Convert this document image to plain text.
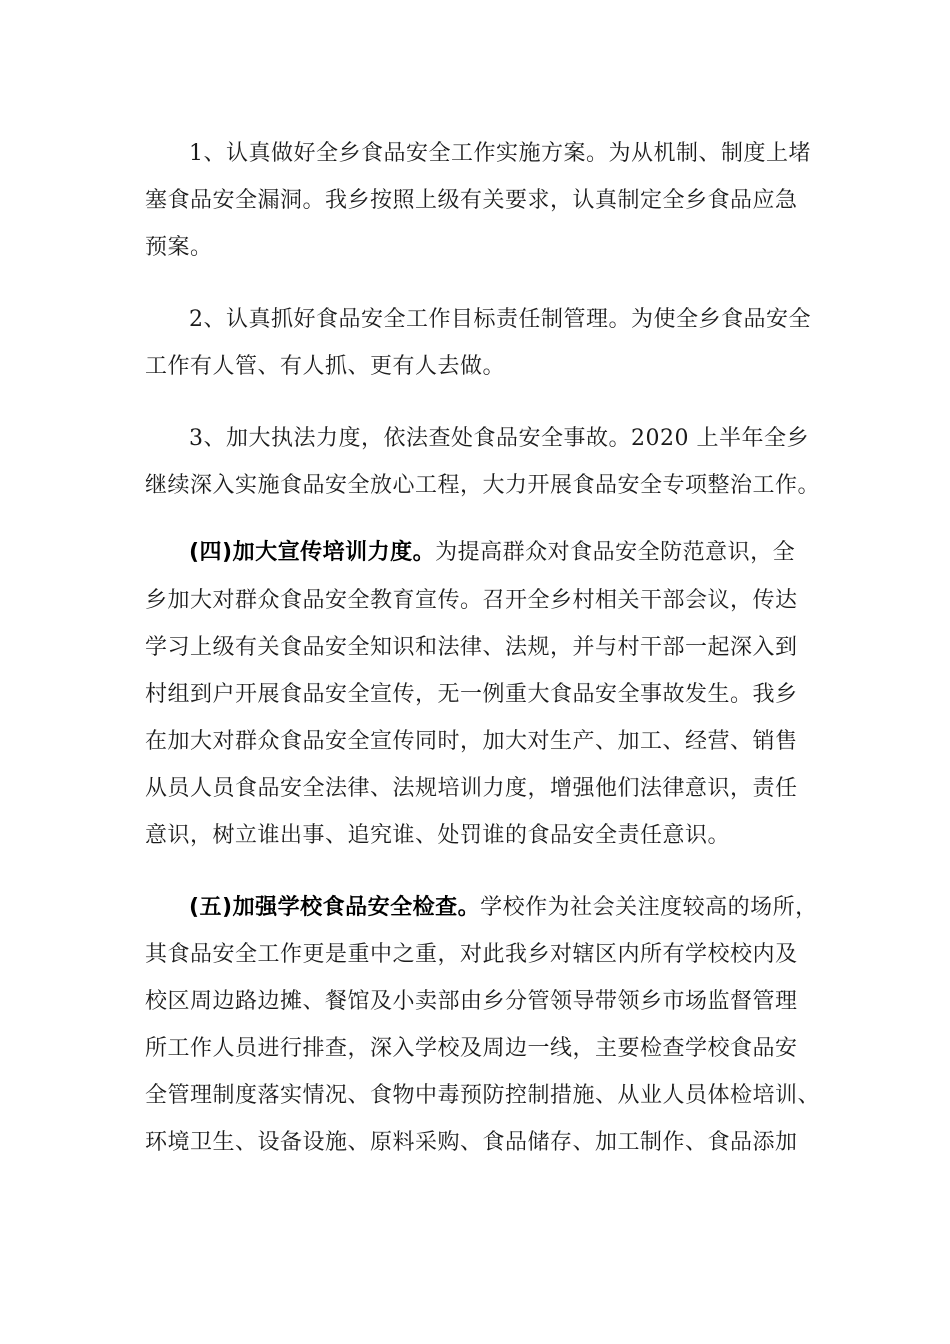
1、认真做好全乡食品安全工作实施方案。为从机制、制度上堵
塞食品安全漏洞。我乡按照上级有关要求，认真制定全乡食品应急
预案。
2、认真抓好食品安全工作目标责任制管理。为使全乡食品安全
工作有人管、有人抓、更有人去做。
3、加大执法力度，依法查处食品安全事故。2020 上半年全乡
继续深入实施食品安全放心工程，大力开展食品安全专项整治工作。
(四)加大宣传培训力度。为提高群众对食品安全防范意识，全
乡加大对群众食品安全教育宣传。召开全乡村相关干部会议，传达
学习上级有关食品安全知识和法律、法规，并与村干部一起深入到
村组到户开展食品安全宣传，无一例重大食品安全事故发生。我乡
在加大对群众食品安全宣传同时，加大对生产、加工、经营、销售
从员人员食品安全法律、法规培训力度，增强他们法律意识，责任
意识，树立谁出事、追究谁、处罚谁的食品安全责任意识。
(五)加强学校食品安全检查。学校作为社会关注度较高的场所，
其食品安全工作更是重中之重，对此我乡对辖区内所有学校校内及
校区周边路边摊、餐馆及小卖部由乡分管领导带领乡市场监督管理
所工作人员进行排查，深入学校及周边一线，主要检查学校食品安
全管理制度落实情况、食物中毒预防控制措施、从业人员体检培训、
环境卫生、设备设施、原料采购、食品储存、加工制作、食品添加
